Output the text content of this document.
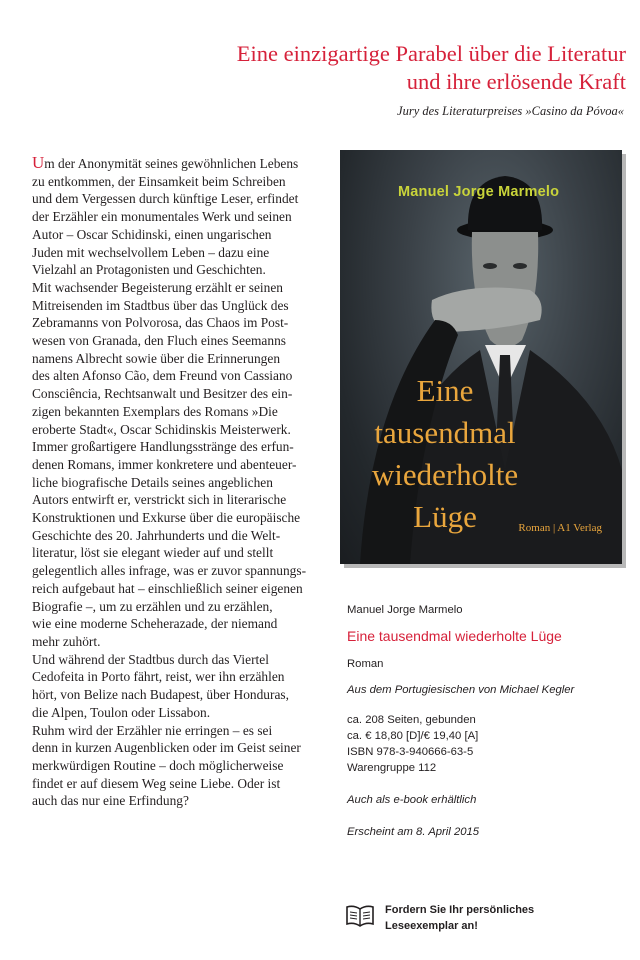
Eine einzigartige Parabel über die Literatur
und ihre erlösende Kraft
Jury des Literaturpreises »Casino da Póvoa«

Um der Anonymität seines gewöhnlichen Lebens

zu entkommen, der Einsamkeit beim Schreiben

und dem Vergessen durch künftige Leser, erfindet

der Erzähler ein monumentales Werk und seinen

Autor – Oscar Schidinski, einen ungarischen

Juden mit wechselvollem Leben – dazu eine

Vielzahl an Protagonisten und Geschichten.

Mit wachsender Begeisterung erzählt er seinen

Mitreisenden im Stadtbus über das Unglück des

Zebramanns von Polvorosa, das Chaos im Post-

wesen von Granada, den Fluch eines Seemanns

namens Albrecht sowie über die Erinnerungen

des alten Afonso Cão, dem Freund von Cassiano

Consciência, Rechtsanwalt und Besitzer des ein-

zigen bekannten Exemplars des Romans »Die

eroberte Stadt«, Oscar Schidinskis Meisterwerk.

Immer großartigere Handlungsstränge des erfun-

denen Romans, immer konkretere und abenteuer-

liche biografische Details seines angeblichen

Autors entwirft er, verstrickt sich in literarische

Konstruktionen und Exkurse über die europäische

Geschichte des 20. Jahrhunderts und die Welt-

literatur, löst sie elegant wieder auf und stellt

gelegentlich alles infrage, was er zuvor spannungs-

reich aufgebaut hat – einschließlich seiner eigenen

Biografie –, um zu erzählen und zu erzählen,

wie eine moderne Scheherazade, der niemand

mehr zuhört.

Und während der Stadtbus durch das Viertel

Cedofeita in Porto fährt, reist, wer ihn erzählen

hört, von Belize nach Budapest, über Honduras,

die Alpen, Toulon oder Lissabon.

Ruhm wird der Erzähler nie erringen – es sei

denn in kurzen Augenblicken oder im Geist seiner

merkwürdigen Routine – doch möglicherweise

findet er auf diesem Weg seine Liebe. Oder ist

auch das nur eine Erfindung?

Manuel Jorge Marmelo
Eine
tausendmal
wiederholte
Lüge	Roman | A1 Verlag
Manuel Jorge Marmelo
Eine tausendmal wiederholte Lüge
Roman
Aus dem Portugiesischen von Michael Kegler
ca. 208 Seiten, gebunden
ca. € 18,80 [D]/€ 19,40 [A]
ISBN 978-3-940666-63-5
Warengruppe 112
Auch als e-book erhältlich
Erscheint am 8. April 2015
Fordern Sie Ihr persönliches
Leseexemplar an!
